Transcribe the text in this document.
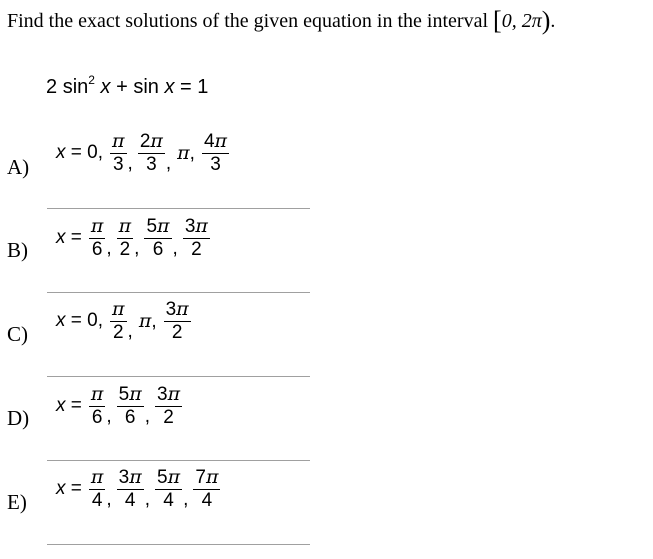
Find the exact solutions of the given equation in the interval [0, 2π).
2 $\sin^2 x + \sin x = 1$
A)
B)
C)
D)
E)
x = 0, $\frac{\pi}{3}$ , $\frac{2\pi}{3}$ , π, $\frac{4\pi}{3}$
$x = \frac{\pi}{6}$ , $\frac{\pi}{2}$ , $\frac{5\pi}{6}$ , $\frac{3\pi}{2}$
x = 0, $\frac{\pi}{2}$ , π, $\frac{3\pi}{2}$
$x = \frac{\pi}{6}$ , $\frac{5\pi}{6}$ , $\frac{3\pi}{2}$
$x = \frac{\pi}{4}$ , $\frac{3\pi}{4}$ , $\frac{5\pi}{4}$ , $\frac{7\pi}{4}$
